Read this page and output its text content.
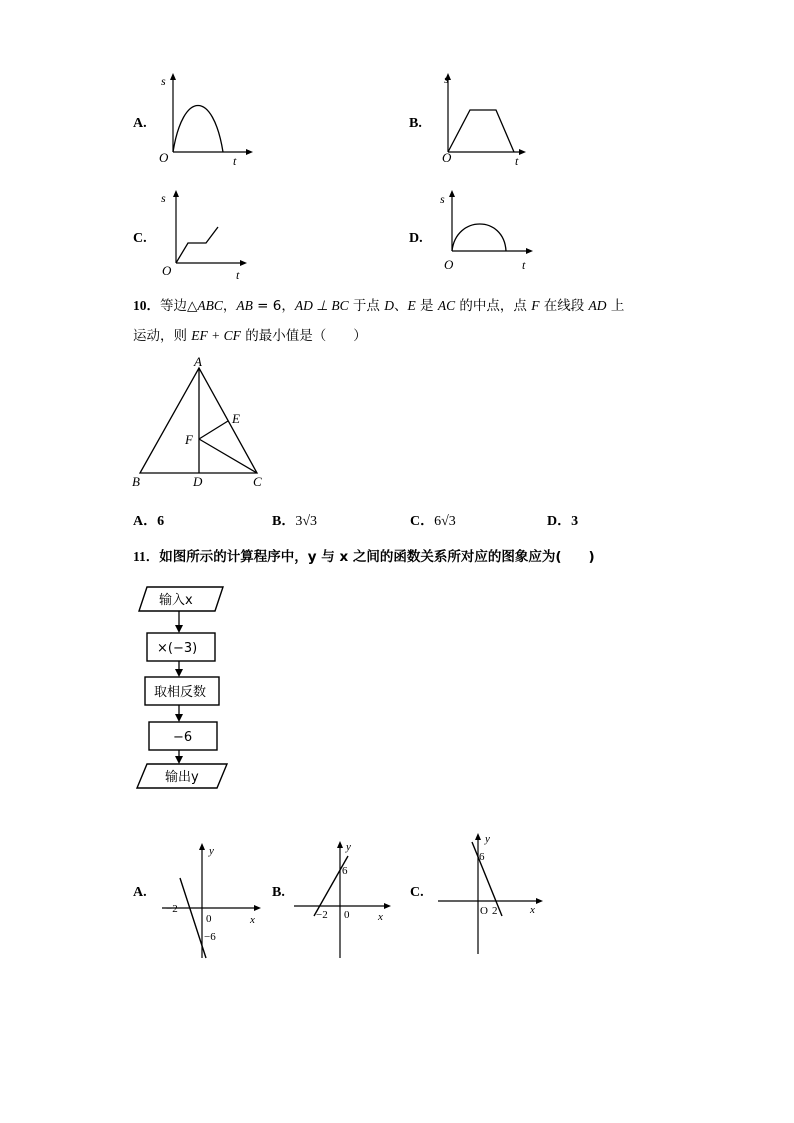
A.
s
O	t
B.
s
O	t
C.
s
O	t
D.
s
O	t
10．等边△ABC，AB = 6，AD ⊥ BC 于点 D、E 是 AC 的中点，点 F 在线段 AD 上
运动，则 EF + CF 的最小值是（　　）
A
B	C
D
E
F
A．6	B．3√3	C．6√3	D．3
11．如图所示的计算程序中，y 与 x 之间的函数关系所对应的图象应为(　　)
输入x
×(−3)
取相反数
−6
输出y
A.
y
x
0
−2
−6
B.
y
x
0
−2
6
C.
y
x
O 2
6
